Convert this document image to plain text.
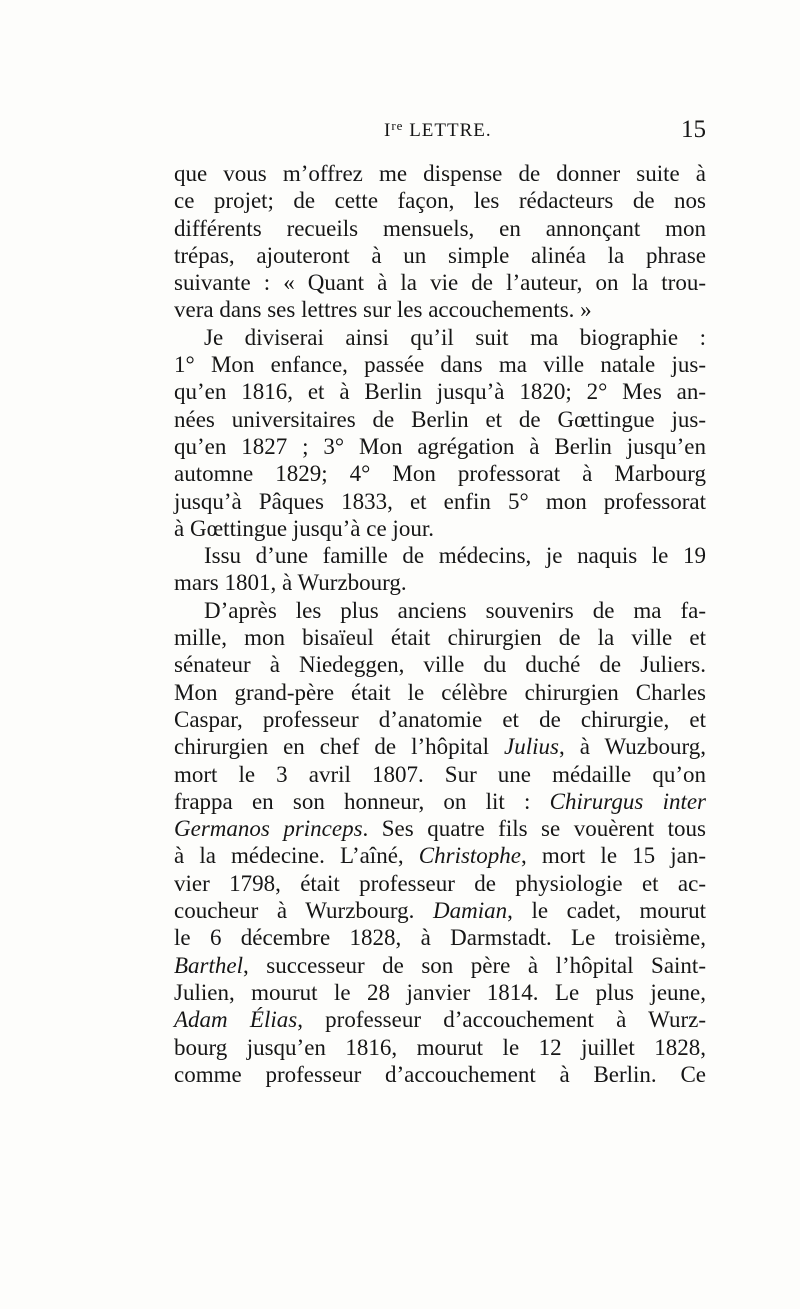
Ire LETTRE.	15
que vous m’offrez me dispense de donner suite à
ce projet; de cette façon, les rédacteurs de nos
différents recueils mensuels, en annonçant mon
trépas, ajouteront à un simple alinéa la phrase
suivante : « Quant à la vie de l’auteur, on la trou-
vera dans ses lettres sur les accouchements. »
Je diviserai ainsi qu’il suit ma biographie :
1° Mon enfance, passée dans ma ville natale jus-
qu’en 1816, et à Berlin jusqu’à 1820; 2° Mes an-
nées universitaires de Berlin et de Gœttingue jus-
qu’en 1827 ; 3° Mon agrégation à Berlin jusqu’en
automne 1829; 4° Mon professorat à Marbourg
jusqu’à Pâques 1833, et enfin 5° mon professorat
à Gœttingue jusqu’à ce jour.
Issu d’une famille de médecins, je naquis le 19
mars 1801, à Wurzbourg.
D’après les plus anciens souvenirs de ma fa-
mille, mon bisaïeul était chirurgien de la ville et
sénateur à Niedeggen, ville du duché de Juliers.
Mon grand-père était le célèbre chirurgien Charles
Caspar, professeur d’anatomie et de chirurgie, et
chirurgien en chef de l’hôpital Julius, à Wuzbourg,
mort le 3 avril 1807. Sur une médaille qu’on
frappa en son honneur, on lit : Chirurgus inter
Germanos princeps. Ses quatre fils se vouèrent tous
à la médecine. L’aîné, Christophe, mort le 15 jan-
vier 1798, était professeur de physiologie et ac-
coucheur à Wurzbourg. Damian, le cadet, mourut
le 6 décembre 1828, à Darmstadt. Le troisième,
Barthel, successeur de son père à l’hôpital Saint-
Julien, mourut le 28 janvier 1814. Le plus jeune,
Adam Élias, professeur d’accouchement à Wurz-
bourg jusqu’en 1816, mourut le 12 juillet 1828,
comme professeur d’accouchement à Berlin. Ce
